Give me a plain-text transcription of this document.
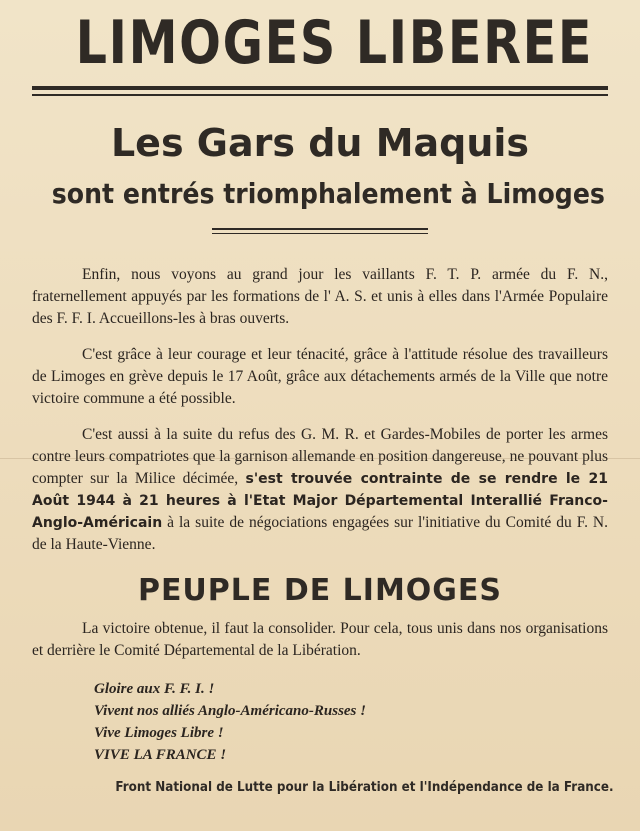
LIMOGES LIBEREE
Les Gars du Maquis
sont entrés triomphalement à Limoges

Enfin, nous voyons au grand jour les vaillants F. T. P. armée du F. N., fraternellement appuyés par les formations de l' A. S. et unis à elles dans l'Armée Populaire des F. F. I. Accueillons-les à bras ouverts.

C'est grâce à leur courage et leur ténacité, grâce à l'attitude résolue des travailleurs de Limoges en grève depuis le 17 Août, grâce aux détachements armés de la Ville que notre victoire commune a été possible.

C'est aussi à la suite du refus des G. M. R. et Gardes-Mobiles de porter les armes contre leurs compatriotes que la garnison allemande en position dangereuse, ne pouvant plus compter sur la Milice décimée, s'est trouvée contrainte de se rendre le 21 Août 1944 à 21 heures à l'Etat Major Départemental Interallié Franco-Anglo-Américain à la suite de négociations engagées sur l'initiative du Comité du F. N. de la Haute-Vienne.

PEUPLE DE LIMOGES

La victoire obtenue, il faut la consolider. Pour cela, tous unis dans nos organisations et derrière le Comité Départemental de la Libération.

Gloire aux F. F. I. !
Vivent nos alliés Anglo-Américano-Russes !
Vive Limoges Libre !
VIVE LA FRANCE !
Front National de Lutte pour la Libération et l'Indépendance de la France.
